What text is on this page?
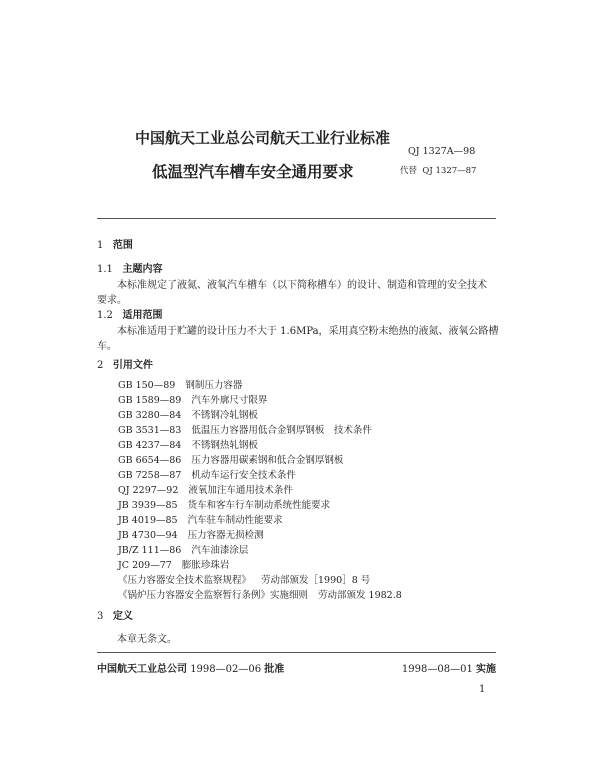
中国航天工业总公司航天工业行业标准
低温型汽车槽车安全通用要求
QJ 1327A—98
代替 QJ 1327—87
1 范围
1.1 主题内容
本标准规定了液氮、液氧汽车槽车（以下简称槽车）的设计、制造和管理的安全技术
要求。
1.2 适用范围
本标准适用于贮罐的设计压力不大于 1.6MPa，采用真空粉末绝热的液氮、液氧公路槽
车。
2 引用文件
GB 150—89 钢制压力容器
GB 1589—89 汽车外廓尺寸限界
GB 3280—84 不锈钢冷轧钢板
GB 3531—83 低温压力容器用低合金钢厚钢板　技术条件
GB 4237—84 不锈钢热轧钢板
GB 6654—86 压力容器用碳素钢和低合金钢厚钢板
GB 7258—87 机动车运行安全技术条件
QJ 2297—92 液氧加注车通用技术条件
JB 3939—85 货车和客车行车制动系统性能要求
JB 4019—85 汽车驻车制动性能要求
JB 4730—94 压力容器无损检测
JB/Z 111—86 汽车油漆涂层
JC 209—77 膨胀珍珠岩
《压力容器安全技术监察规程》 劳动部颁发［1990］8 号
《锅炉压力容器安全监察暂行条例》实施细则 劳动部颁发 1982.8
3 定义
本章无条文。
中国航天工业总公司 1998—02—06 批准	1998—08—01 实施
1
